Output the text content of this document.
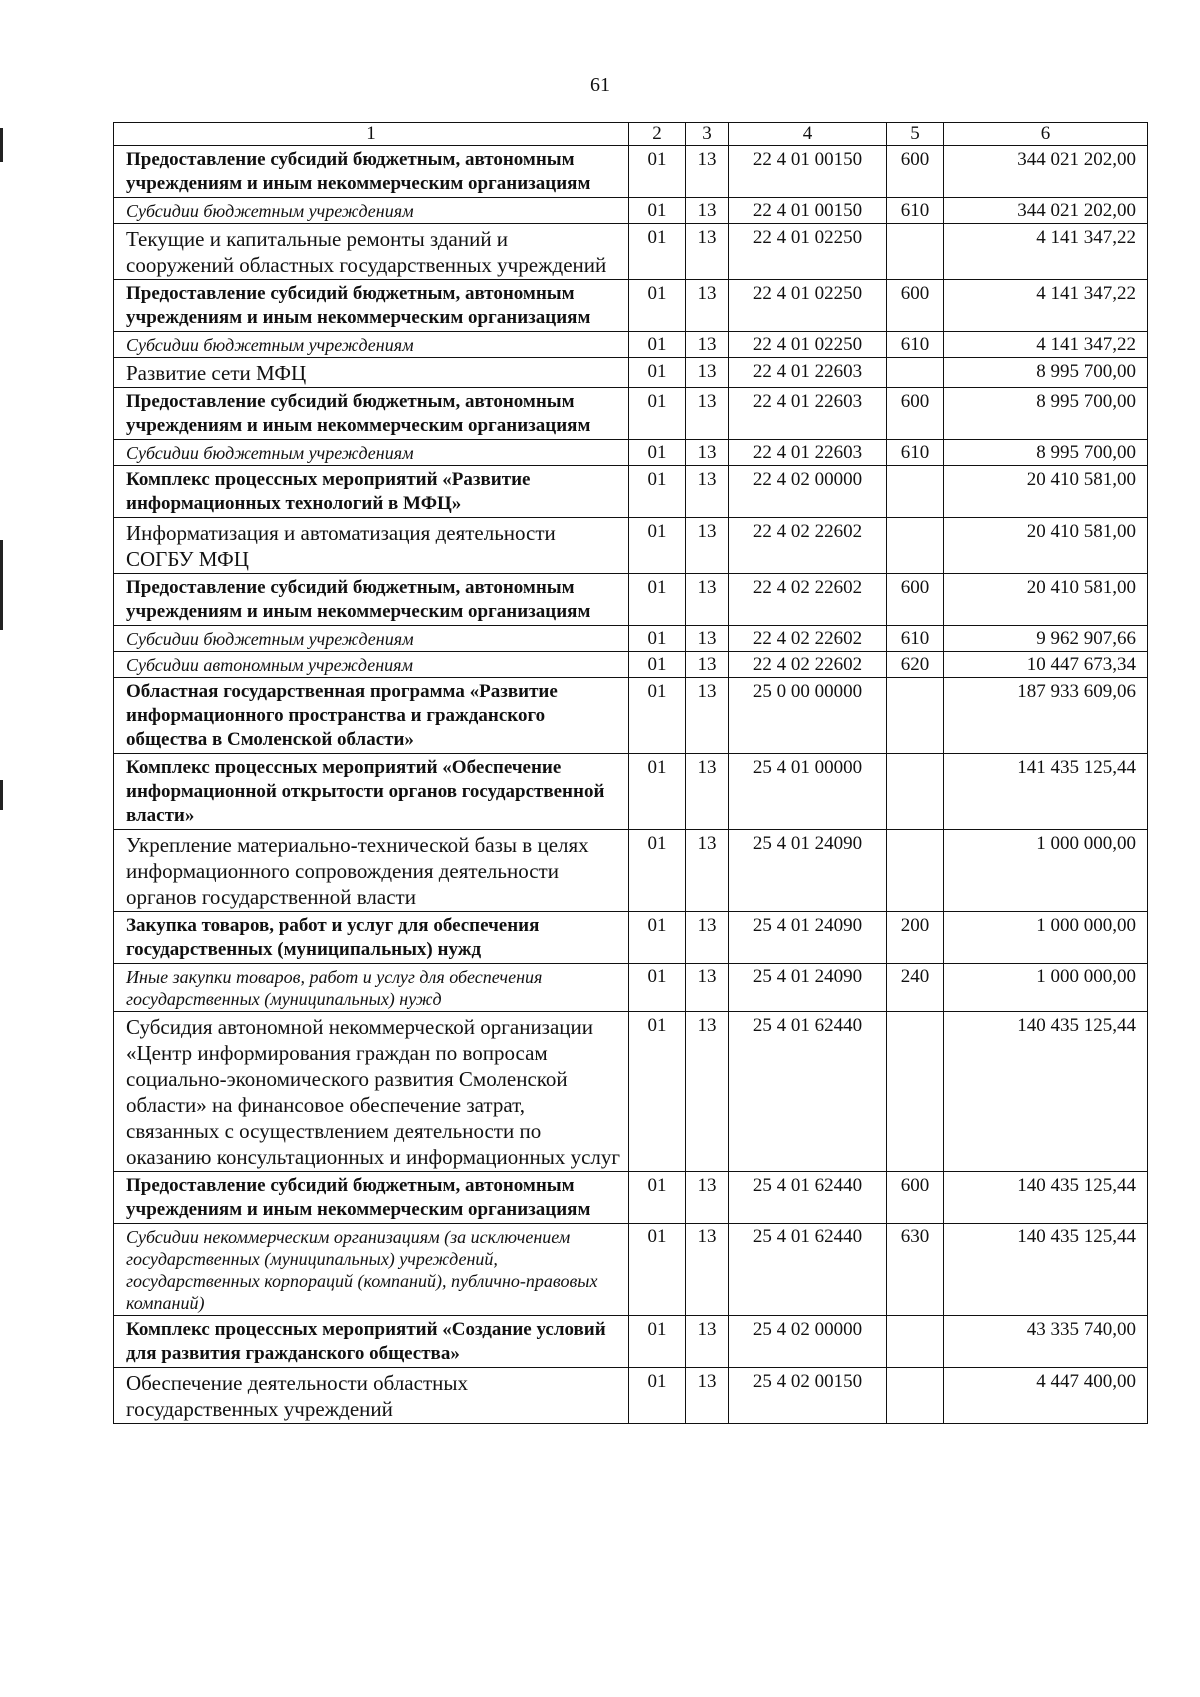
61
1	2	3	4	5	6
Предоставление субсидий бюджетным, автономным учреждениям и иным некоммерческим организациям	01	13	22 4 01 00150	600	344 021 202,00
Субсидии бюджетным учреждениям	01	13	22 4 01 00150	610	344 021 202,00
Текущие и капитальные ремонты зданий и сооружений областных государственных учреждений	01	13	22 4 01 02250		4 141 347,22
Предоставление субсидий бюджетным, автономным учреждениям и иным некоммерческим организациям	01	13	22 4 01 02250	600	4 141 347,22
Субсидии бюджетным учреждениям	01	13	22 4 01 02250	610	4 141 347,22
Развитие сети МФЦ	01	13	22 4 01 22603		8 995 700,00
Предоставление субсидий бюджетным, автономным учреждениям и иным некоммерческим организациям	01	13	22 4 01 22603	600	8 995 700,00
Субсидии бюджетным учреждениям	01	13	22 4 01 22603	610	8 995 700,00
Комплекс процессных мероприятий «Развитие информационных технологий в МФЦ»	01	13	22 4 02 00000		20 410 581,00
Информатизация и автоматизация деятельности СОГБУ МФЦ	01	13	22 4 02 22602		20 410 581,00
Предоставление субсидий бюджетным, автономным учреждениям и иным некоммерческим организациям	01	13	22 4 02 22602	600	20 410 581,00
Субсидии бюджетным учреждениям	01	13	22 4 02 22602	610	9 962 907,66
Субсидии автономным учреждениям	01	13	22 4 02 22602	620	10 447 673,34
Областная государственная программа «Развитие информационного пространства и гражданского общества в Смоленской области»	01	13	25 0 00 00000		187 933 609,06
Комплекс процессных мероприятий «Обеспечение информационной открытости органов государственной власти»	01	13	25 4 01 00000		141 435 125,44
Укрепление материально-технической базы в целях информационного сопровождения деятельности органов государственной власти	01	13	25 4 01 24090		1 000 000,00
Закупка товаров, работ и услуг для обеспечения государственных (муниципальных) нужд	01	13	25 4 01 24090	200	1 000 000,00
Иные закупки товаров, работ и услуг для обеспечения государственных (муниципальных) нужд	01	13	25 4 01 24090	240	1 000 000,00
Субсидия автономной некоммерческой организации «Центр информирования граждан по вопросам социально-экономического развития Смоленской области» на финансовое обеспечение затрат, связанных с осуществлением деятельности по оказанию консультационных и информационных услуг	01	13	25 4 01 62440		140 435 125,44
Предоставление субсидий бюджетным, автономным учреждениям и иным некоммерческим организациям	01	13	25 4 01 62440	600	140 435 125,44
Субсидии некоммерческим организациям (за исключением государственных (муниципальных) учреждений, государственных корпораций (компаний), публично-правовых компаний)	01	13	25 4 01 62440	630	140 435 125,44
Комплекс процессных мероприятий «Создание условий для развития гражданского общества»	01	13	25 4 02 00000		43 335 740,00
Обеспечение деятельности областных государственных учреждений	01	13	25 4 02 00150		4 447 400,00
